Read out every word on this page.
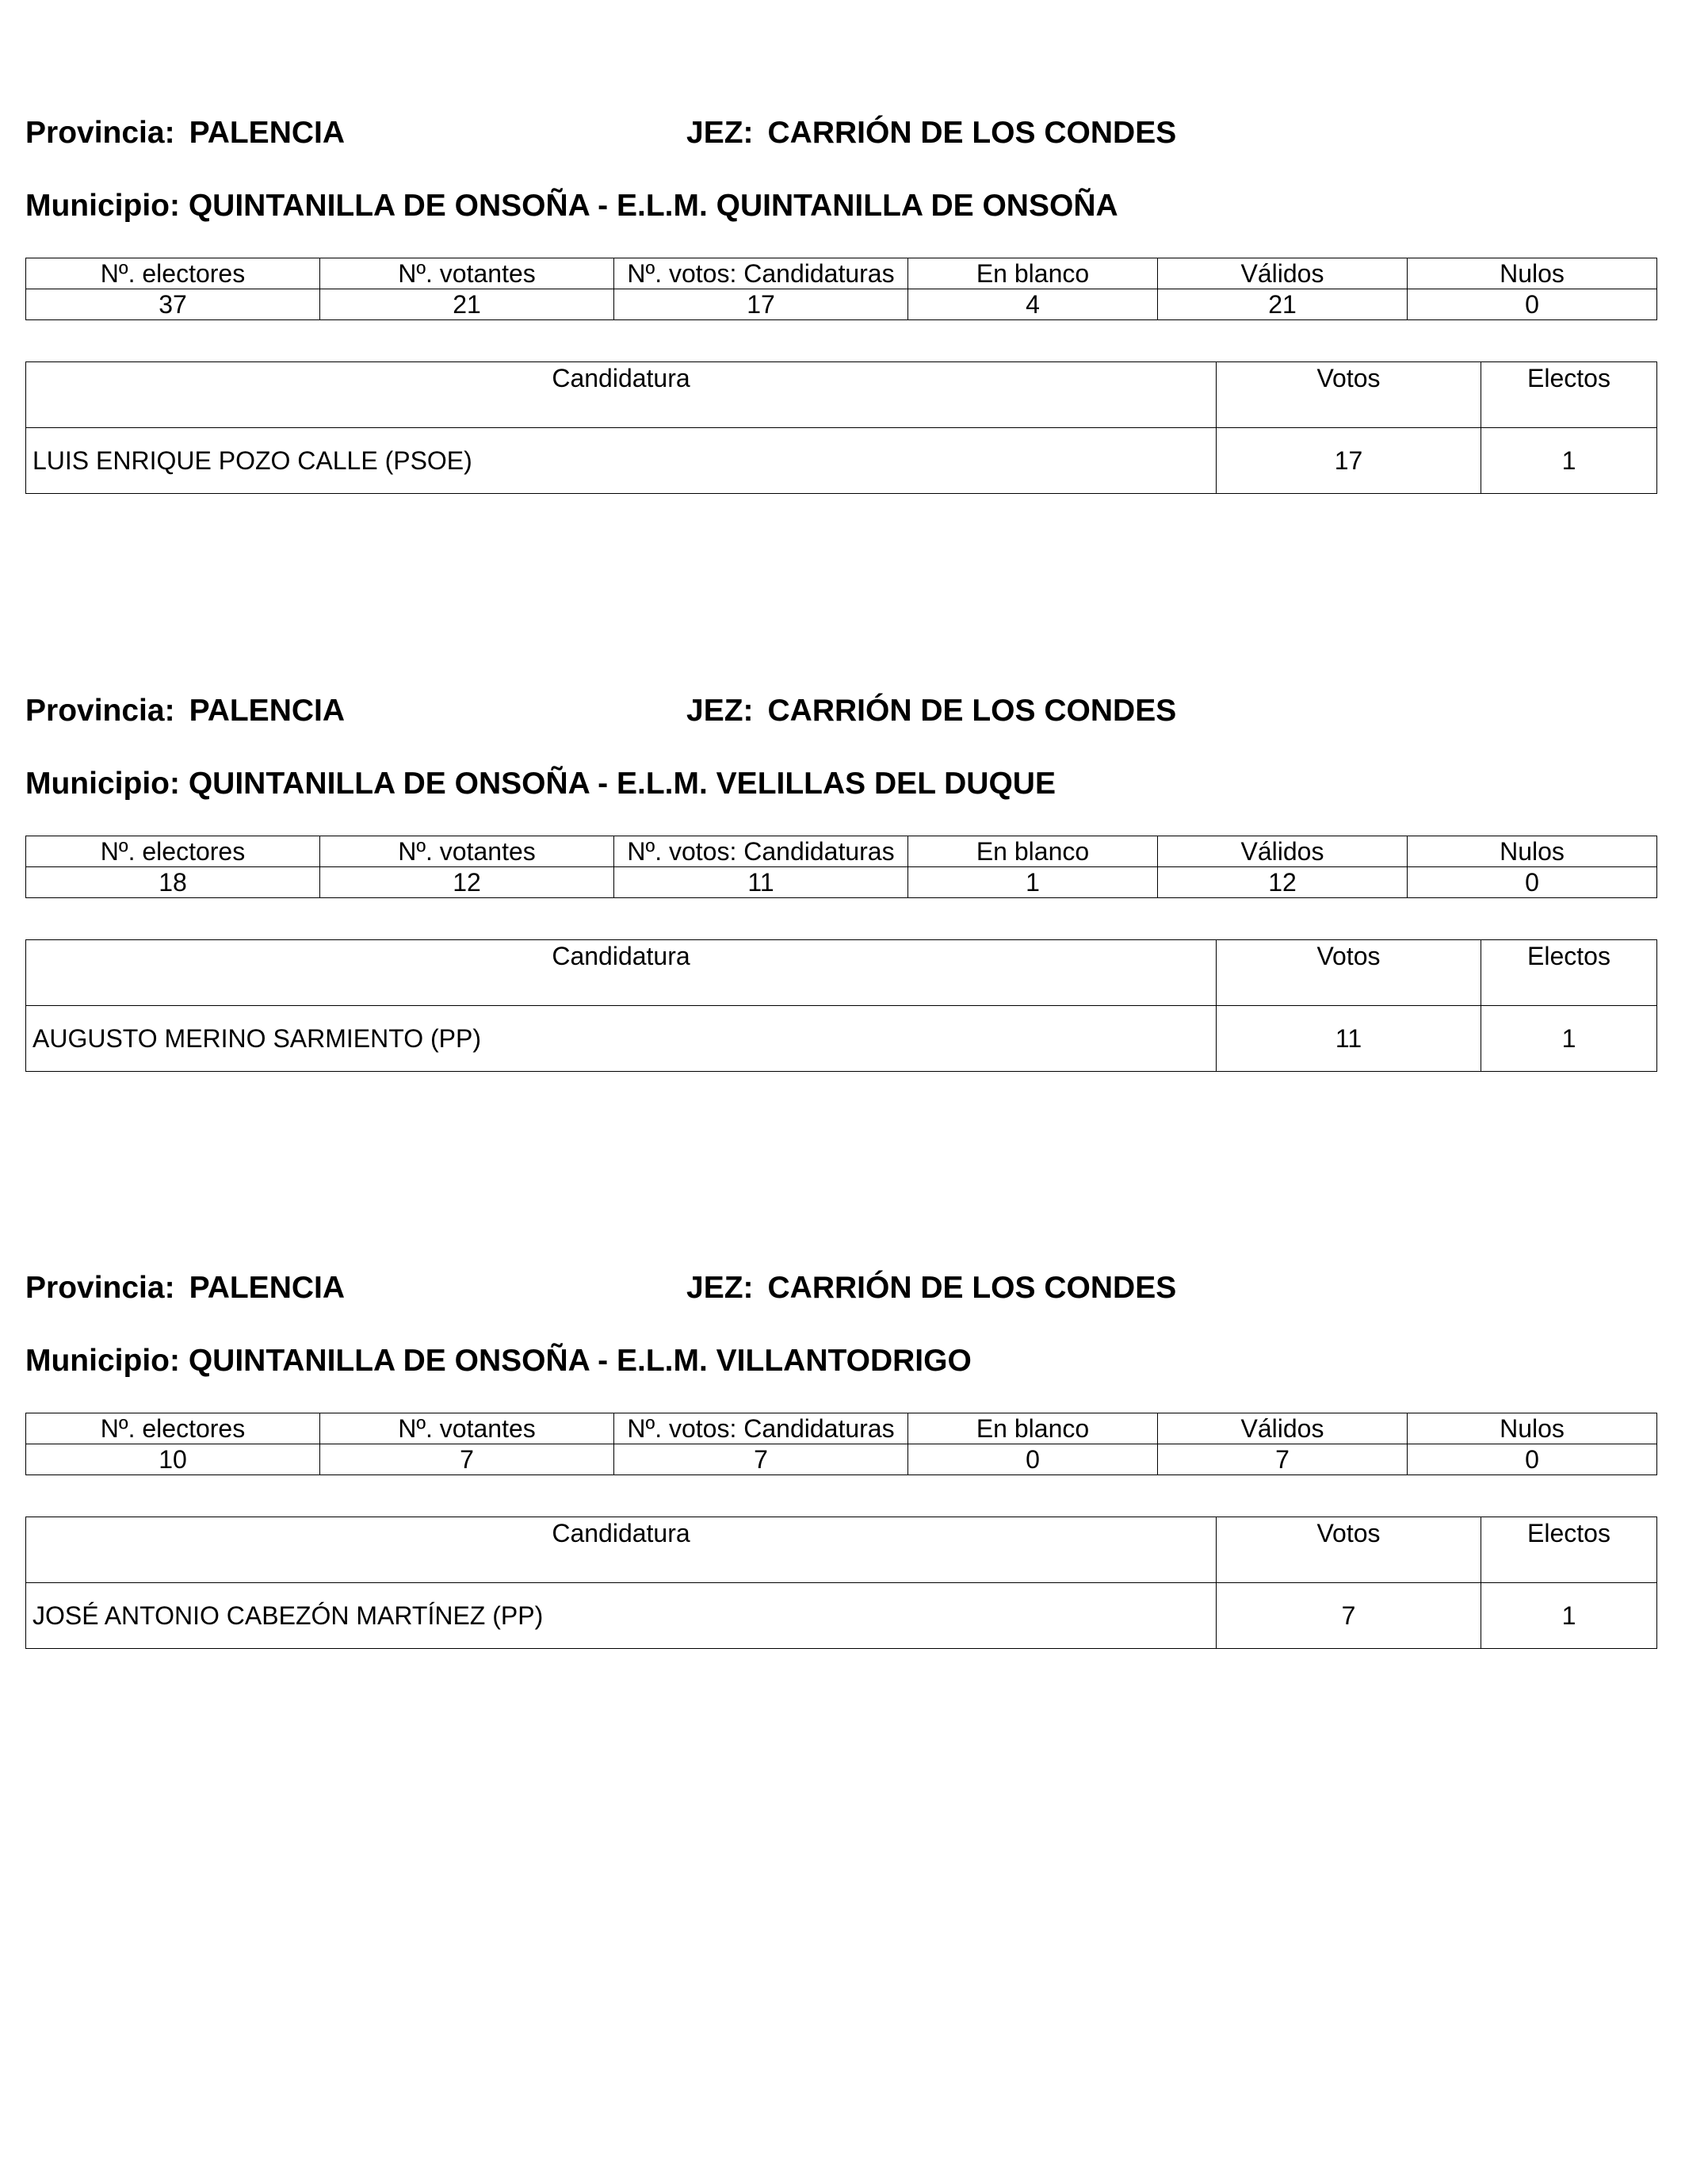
Provincia: PALENCIA	JEZ: CARRIÓN DE LOS CONDES
Municipio: QUINTANILLA DE ONSOÑA - E.L.M. QUINTANILLA DE ONSOÑA
Nº. electores	Nº. votantes	Nº. votos: Candidaturas	En blanco	Válidos	Nulos
37	21	17	4	21	0
Candidatura	Votos	Electos
LUIS ENRIQUE POZO CALLE (PSOE)	17	1
Provincia: PALENCIA	JEZ: CARRIÓN DE LOS CONDES
Municipio: QUINTANILLA DE ONSOÑA - E.L.M. VELILLAS DEL DUQUE
Nº. electores	Nº. votantes	Nº. votos: Candidaturas	En blanco	Válidos	Nulos
18	12	11	1	12	0
Candidatura	Votos	Electos
AUGUSTO MERINO SARMIENTO (PP)	11	1
Provincia: PALENCIA	JEZ: CARRIÓN DE LOS CONDES
Municipio: QUINTANILLA DE ONSOÑA - E.L.M. VILLANTODRIGO
Nº. electores	Nº. votantes	Nº. votos: Candidaturas	En blanco	Válidos	Nulos
10	7	7	0	7	0
Candidatura	Votos	Electos
JOSÉ ANTONIO CABEZÓN MARTÍNEZ (PP)	7	1
